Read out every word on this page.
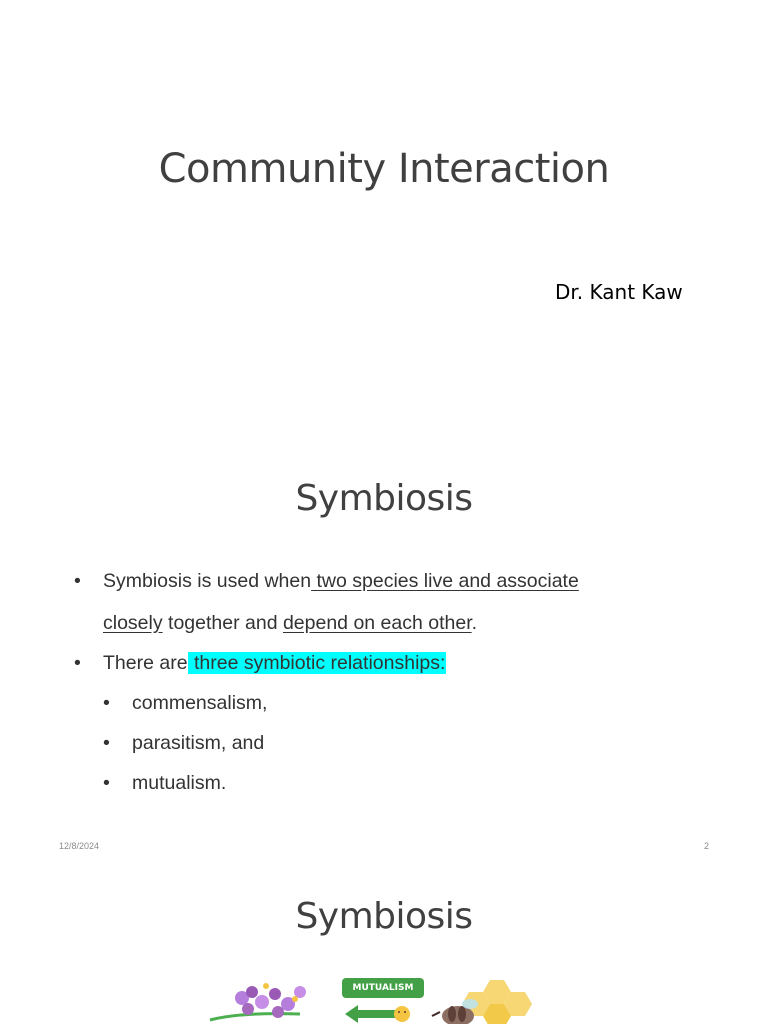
Community Interaction
Dr. Kant Kaw
Symbiosis
• Symbiosis is used when two species live and associate
closely together and depend on each other.
• There are three symbiotic relationships:
• commensalism,
• parasitism, and
• mutualism.
12/8/2024	2
Symbiosis
MUTUALISM
